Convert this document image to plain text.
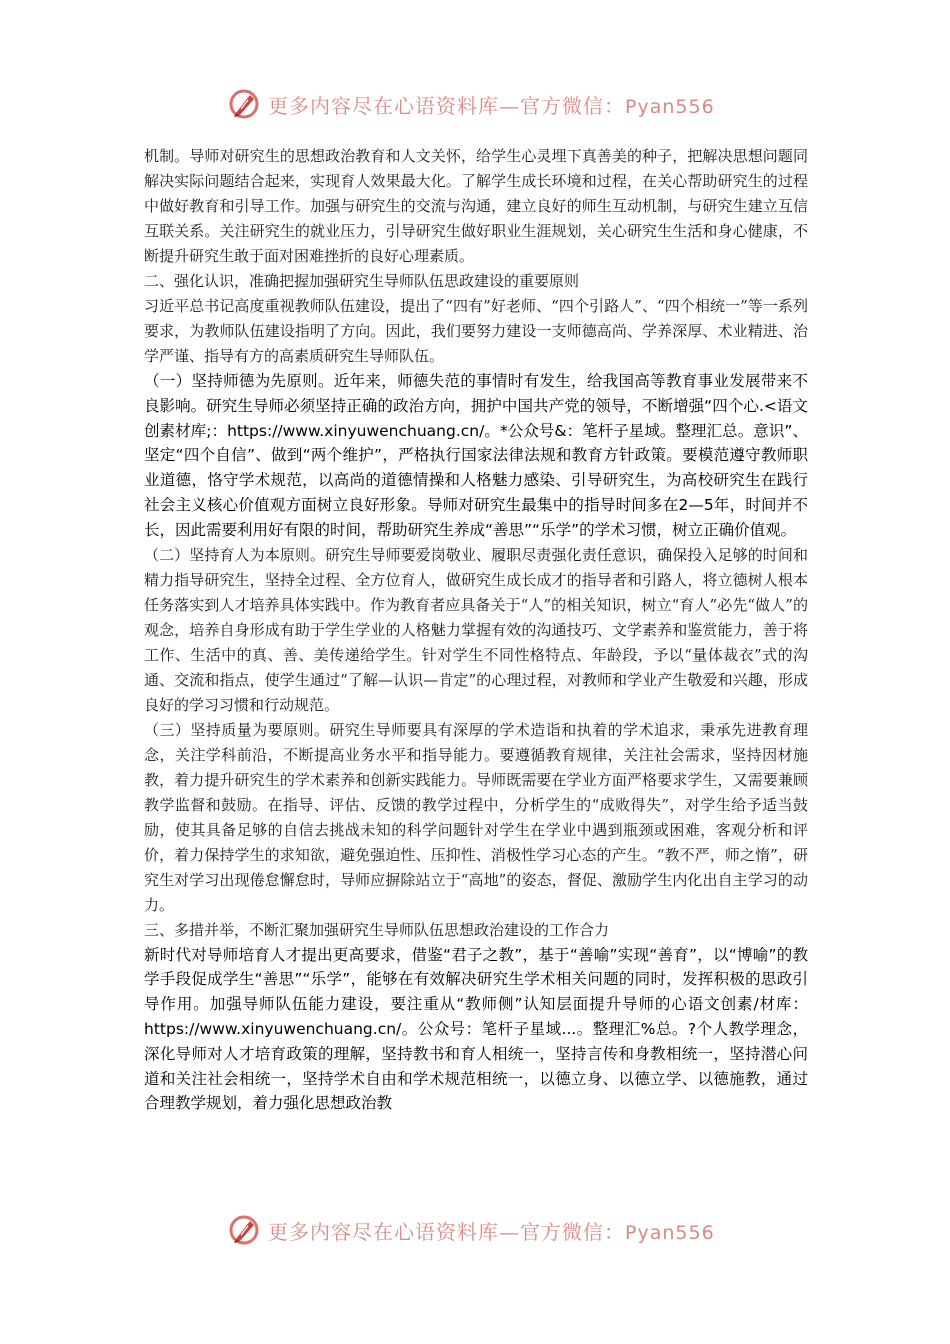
更多内容尽在心语资料库—官方微信：Pyan556

机制。导师对研究生的思想政治教育和人文关怀，给学生心灵埋下真善美的种子，把解决思想问题同解决实际问题结合起来，实现育人效果最大化。了解学生成长环境和过程，在关心帮助研究生的过程中做好教育和引导工作。加强与研究生的交流与沟通，建立良好的师生互动机制，与研究生建立互信互联关系。关注研究生的就业压力，引导研究生做好职业生涯规划，关心研究生生活和身心健康，不断提升研究生敢于面对困难挫折的良好心理素质。

二、强化认识，准确把握加强研究生导师队伍思政建设的重要原则

习近平总书记高度重视教师队伍建设，提出了“四有”好老师、“四个引路人”、“四个相统一”等一系列要求，为教师队伍建设指明了方向。因此，我们要努力建设一支师德高尚、学养深厚、术业精进、治学严谨、指导有方的高素质研究生导师队伍。

（一）坚持师德为先原则。近年来，师德失范的事情时有发生，给我国高等教育事业发展带来不良影响。研究生导师必须坚持正确的政治方向，拥护中国共产党的领导，不断增强“四个心.<语文创素材库;：https://www.xinyuwenchuang.cn/。*公众号&：笔杆子星域。整理汇总。意识”、坚定“四个自信”、做到“两个维护”，严格执行国家法律法规和教育方针政策。要模范遵守教师职业道德，恪守学术规范，以高尚的道德情操和人格魅力感染、引导研究生，为高校研究生在践行社会主义核心价值观方面树立良好形象。导师对研究生最集中的指导时间多在2—5年，时间并不长，因此需要利用好有限的时间，帮助研究生养成“善思”“乐学”的学术习惯，树立正确价值观。

（二）坚持育人为本原则。研究生导师要爱岗敬业、履职尽责强化责任意识，确保投入足够的时间和精力指导研究生，坚持全过程、全方位育人，做研究生成长成才的指导者和引路人，将立德树人根本任务落实到人才培养具体实践中。作为教育者应具备关于“人”的相关知识，树立“育人”必先“做人”的观念，培养自身形成有助于学生学业的人格魅力掌握有效的沟通技巧、文学素养和鉴赏能力，善于将工作、生活中的真、善、美传递给学生。针对学生不同性格特点、年龄段，予以“量体裁衣”式的沟通、交流和指点，使学生通过“了解—认识—肯定”的心理过程，对教师和学业产生敬爱和兴趣，形成良好的学习习惯和行动规范。

（三）坚持质量为要原则。研究生导师要具有深厚的学术造诣和执着的学术追求，秉承先进教育理念，关注学科前沿，不断提高业务水平和指导能力。要遵循教育规律，关注社会需求，坚持因材施教，着力提升研究生的学术素养和创新实践能力。导师既需要在学业方面严格要求学生，又需要兼顾教学监督和鼓励。在指导、评估、反馈的教学过程中，分析学生的“成败得失”，对学生给予适当鼓励，使其具备足够的自信去挑战未知的科学问题针对学生在学业中遇到瓶颈或困难，客观分析和评价，着力保持学生的求知欲，避免强迫性、压抑性、消极性学习心态的产生。“教不严，师之惰”，研究生对学习出现倦怠懈怠时，导师应摒除站立于“高地”的姿态，督促、激励学生内化出自主学习的动力。

三、多措并举，不断汇聚加强研究生导师队伍思想政治建设的工作合力

新时代对导师培育人才提出更高要求，借鉴“君子之教”，基于“善喻”实现“善育”，以“博喻”的教学手段促成学生“善思”“乐学”，能够在有效解决研究生学术相关问题的同时，发挥积极的思政引导作用。加强导师队伍能力建设，要注重从“教师侧”认知层面提升导师的心语文创素/材库：https://www.xinyuwenchuang.cn/。公众号：笔杆子星域...。整理汇%总。?个人教学理念，深化导师对人才培育政策的理解，坚持教书和育人相统一，坚持言传和身教相统一，坚持潜心问道和关注社会相统一，坚持学术自由和学术规范相统一，以德立身、以德立学、以德施教，通过合理教学规划，着力强化思想政治教

更多内容尽在心语资料库—官方微信：Pyan556
